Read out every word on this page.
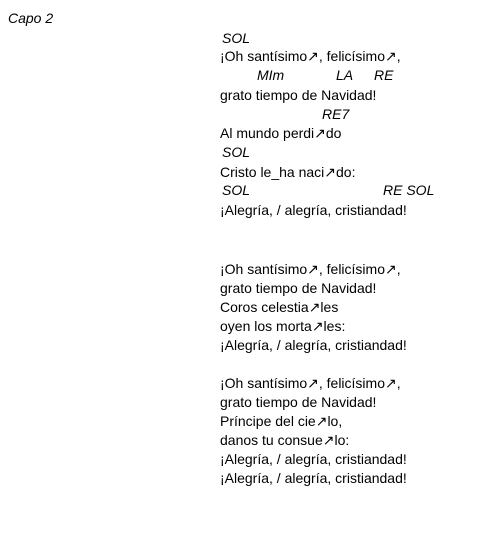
Capo 2
SOL
¡Oh santísimo↗, felicísimo↗,
MIm	LA RE
grato tiempo de Navidad!
RE7
Al mundo perdi↗do
SOL
Cristo le_ha naci↗do:
SOL	RE SOL
¡Alegría, / alegría, cristiandad!
¡Oh santísimo↗, felicísimo↗,
grato tiempo de Navidad!
Coros celestia↗les
oyen los morta↗les:
¡Alegría, / alegría, cristiandad!
¡Oh santísimo↗, felicísimo↗,
grato tiempo de Navidad!
Príncipe del cie↗lo,
danos tu consue↗lo:
¡Alegría, / alegría, cristiandad!
¡Alegría, / alegría, cristiandad!
